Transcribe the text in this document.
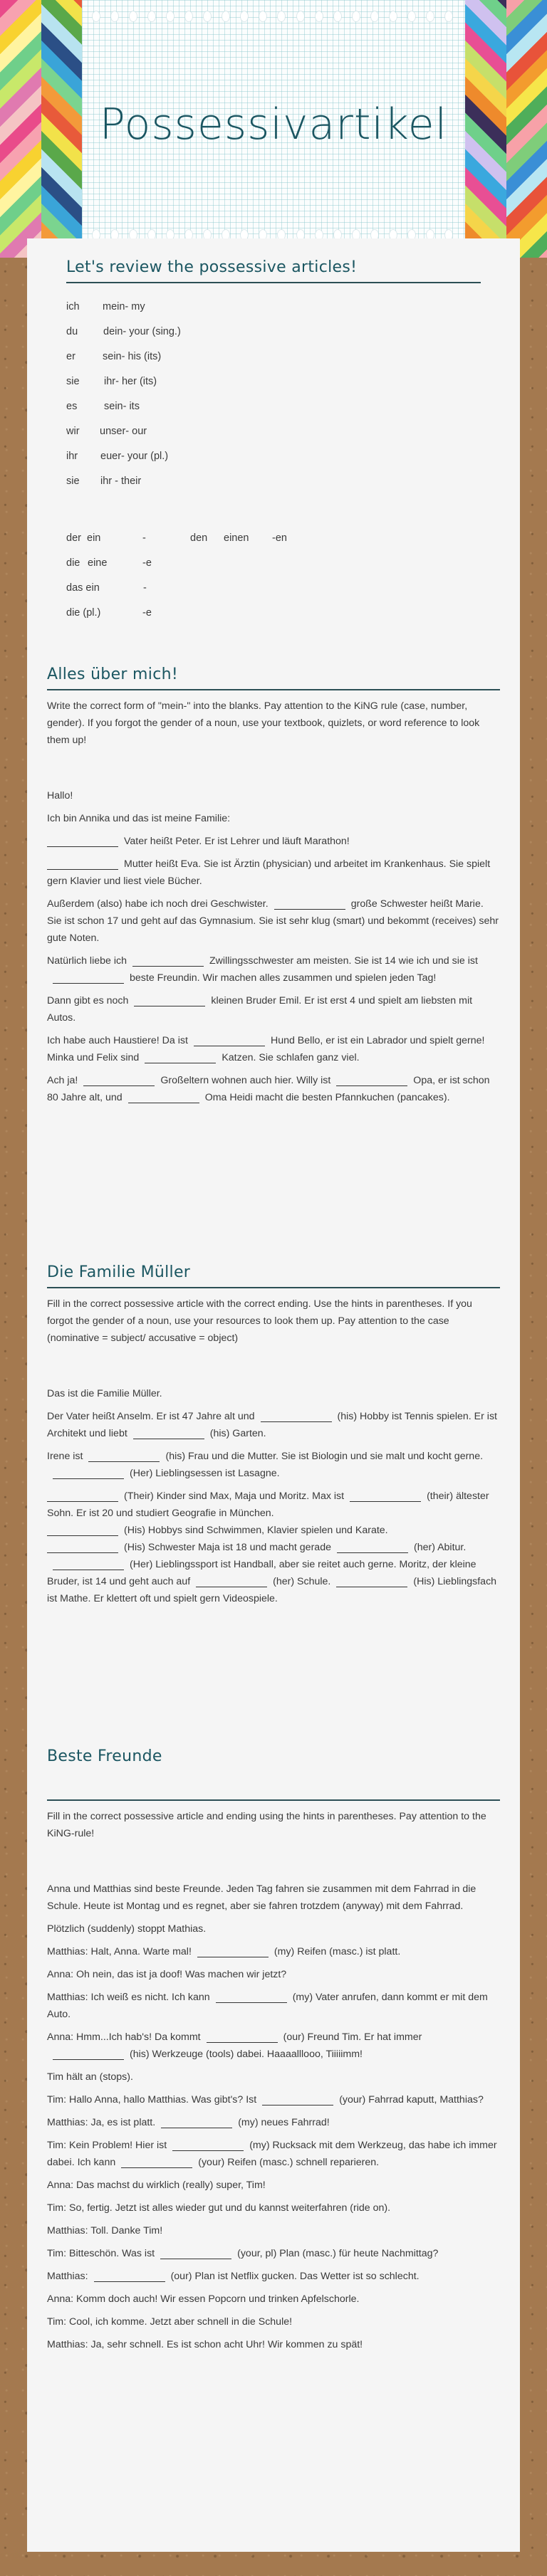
Possessivartikel
Let's review the possessive articles!
ich mein- my
du dein- your (sing.)
er	sein- his (its)
sie ihr- her (its)
es	sein- its
wir unser- our
ihr euer- your (pl.)
sie ihr - their
der ein	-	den einen -en
die eine	-e
das ein	-
die (pl.)	-e
Alles über mich!

Write the correct form of "mein-" into the blanks. Pay attention to the KiNG rule (case, number, gender). If you forgot the gender of a noun, use your textbook, quizlets, or word reference to look them up!

Hallo!

Ich bin Annika und das ist meine Familie:

Vater heißt Peter. Er ist Lehrer und läuft Marathon!

Mutter heißt Eva. Sie ist Ärztin (physician) und arbeitet im Krankenhaus. Sie spielt gern Klavier und liest viele Bücher.

Außerdem (also) habe ich noch drei Geschwister.	große Schwester heißt Marie. Sie ist schon 17 und geht auf das Gymnasium. Sie ist sehr klug (smart) und bekommt (receives) sehr gute Noten.

Natürlich liebe ich	Zwillingsschwester am meisten. Sie ist 14 wie ich und sie istbeste Freundin. Wir machen alles zusammen und spielen jeden Tag!

Dann gibt es noch	kleinen Bruder Emil. Er ist erst 4 und spielt am liebsten mit Autos.

Ich habe auch Haustiere! Da ist	Hund Bello, er ist ein Labrador und spielt gerne! Minka und Felix sind	Katzen. Sie schlafen ganz viel.

Ach ja!	Großeltern wohnen auch hier. Willy ist	Opa, er ist schon 80 Jahre alt, und	Oma Heidi macht die besten Pfannkuchen (pancakes).

Die Familie Müller

Fill in the correct possessive article with the correct ending. Use the hints in parentheses. If you forgot the gender of a noun, use your resources to look them up. Pay attention to the case (nominative = subject/ accusative = object)

Das ist die Familie Müller.

Der Vater heißt Anselm. Er ist 47 Jahre alt und	(his) Hobby ist Tennis spielen. Er ist Architekt und liebt	(his) Garten.

Irene ist	(his) Frau und die Mutter. Sie ist Biologin und sie malt und kocht gerne.(Her) Lieblingsessen ist Lasagne.

(Their) Kinder sind Max, Maja und Moritz. Max ist	(their) ältester Sohn. Er ist 20 und studiert Geografie in München.
(His) Hobbys sind Schwimmen, Klavier spielen und Karate.
(His) Schwester Maja ist 18 und macht gerade	(her) Abitur.(Her) Lieblingssport ist Handball, aber sie reitet auch gerne. Moritz, der kleine Bruder, ist 14 und geht auch auf	(her) Schule.	(His) Lieblingsfach ist Mathe. Er klettert oft und spielt gern Videospiele.

Beste Freunde

Fill in the correct possessive article and ending using the hints in parentheses. Pay attention to the KiNG-rule!

Anna und Matthias sind beste Freunde. Jeden Tag fahren sie zusammen mit dem Fahrrad in die Schule. Heute ist Montag und es regnet, aber sie fahren trotzdem (anyway) mit dem Fahrrad.

Plötzlich (suddenly) stoppt Mathias.

Matthias: Halt, Anna. Warte mal!	(my) Reifen (masc.) ist platt.

Anna: Oh nein, das ist ja doof! Was machen wir jetzt?

Matthias: Ich weiß es nicht. Ich kann	(my) Vater anrufen, dann kommt er mit dem Auto.

Anna: Hmm...Ich hab's! Da kommt	(our) Freund Tim. Er hat immer(his) Werkzeuge (tools) dabei. Haaaalllooo, Tiiiiimm!

Tim hält an (stops).

Tim: Hallo Anna, hallo Matthias. Was gibt's? Ist	(your) Fahrrad kaputt, Matthias?

Matthias: Ja, es ist platt.	(my) neues Fahrrad!

Tim: Kein Problem! Hier ist	(my) Rucksack mit dem Werkzeug, das habe ich immer dabei. Ich kann	(your) Reifen (masc.) schnell reparieren.

Anna: Das machst du wirklich (really) super, Tim!

Tim: So, fertig. Jetzt ist alles wieder gut und du kannst weiterfahren (ride on).

Matthias: Toll. Danke Tim!

Tim: Bitteschön. Was ist	(your, pl) Plan (masc.) für heute Nachmittag?

Matthias:	(our) Plan ist Netflix gucken. Das Wetter ist so schlecht.

Anna: Komm doch auch! Wir essen Popcorn und trinken Apfelschorle.

Tim: Cool, ich komme. Jetzt aber schnell in die Schule!

Matthias: Ja, sehr schnell. Es ist schon acht Uhr! Wir kommen zu spät!
